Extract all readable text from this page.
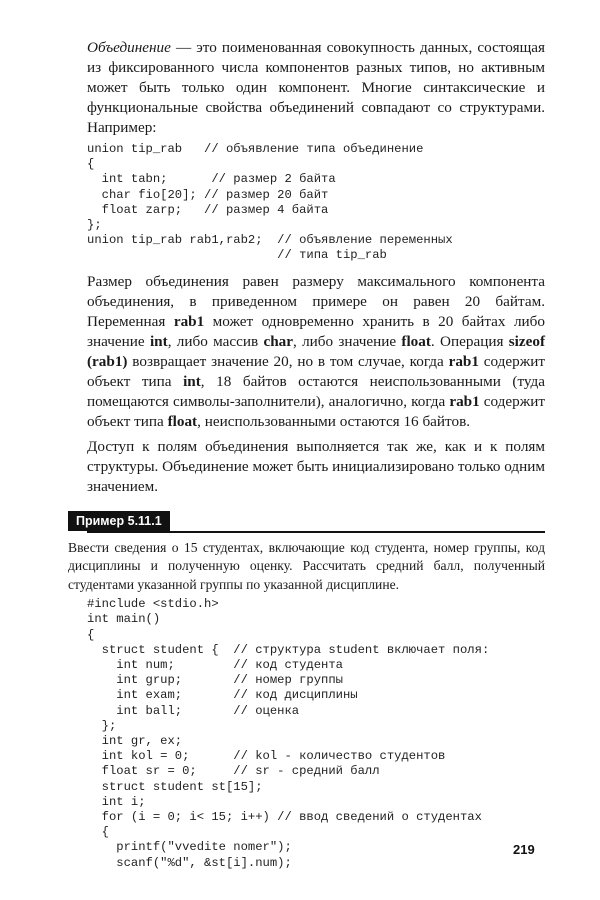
Объединение — это поименованная совокупность данных, состоящая из фиксированного числа компонентов разных типов, но активным может быть только один компонент. Многие синтаксические и функциональные свойства объединений совпадают со структурами. Например:

union tip_rab   // объявление типа объединение
{
int tabn;      // размер 2 байта
char fio[20]; // размер 20 байт
float zarp;   // размер 4 байта
};
union tip_rab rab1,rab2;  // объявление переменных
// типа tip_rab

Размер объединения равен размеру максимального компонента объединения, в приведенном примере он равен 20 байтам. Переменная rab1 может одновременно хранить в 20 байтах либо значение int, либо массив char, либо значение float. Операция sizeof (rab1) возвращает значение 20, но в том случае, когда rab1 содержит объект типа int, 18 байтов остаются неиспользованными (туда помещаются символы-заполнители), аналогично, когда rab1 содержит объект типа float, неиспользованными остаются 16 байтов.

Доступ к полям объединения выполняется так же, как и к полям структуры. Объединение может быть инициализировано только одним значением.

Пример 5.11.1

Ввести сведения о 15 студентах, включающие код студента, номер группы, код дисциплины и полученную оценку. Рассчитать средний балл, полученный студентами указанной группы по указанной дисциплине.

#include <stdio.h>
int main()
{
struct student {  // структура student включает поля:
int num;        // код студента
int grup;       // номер группы
int exam;       // код дисциплины
int ball;       // оценка
};
int gr, ex;
int kol = 0;      // kol - количество студентов
float sr = 0;     // sr - средний балл
struct student st[15];
int i;
for (i = 0; i< 15; i++) // ввод сведений о студентах
{
printf("vvedite nomer");
scanf("%d", &st[i].num);
219
